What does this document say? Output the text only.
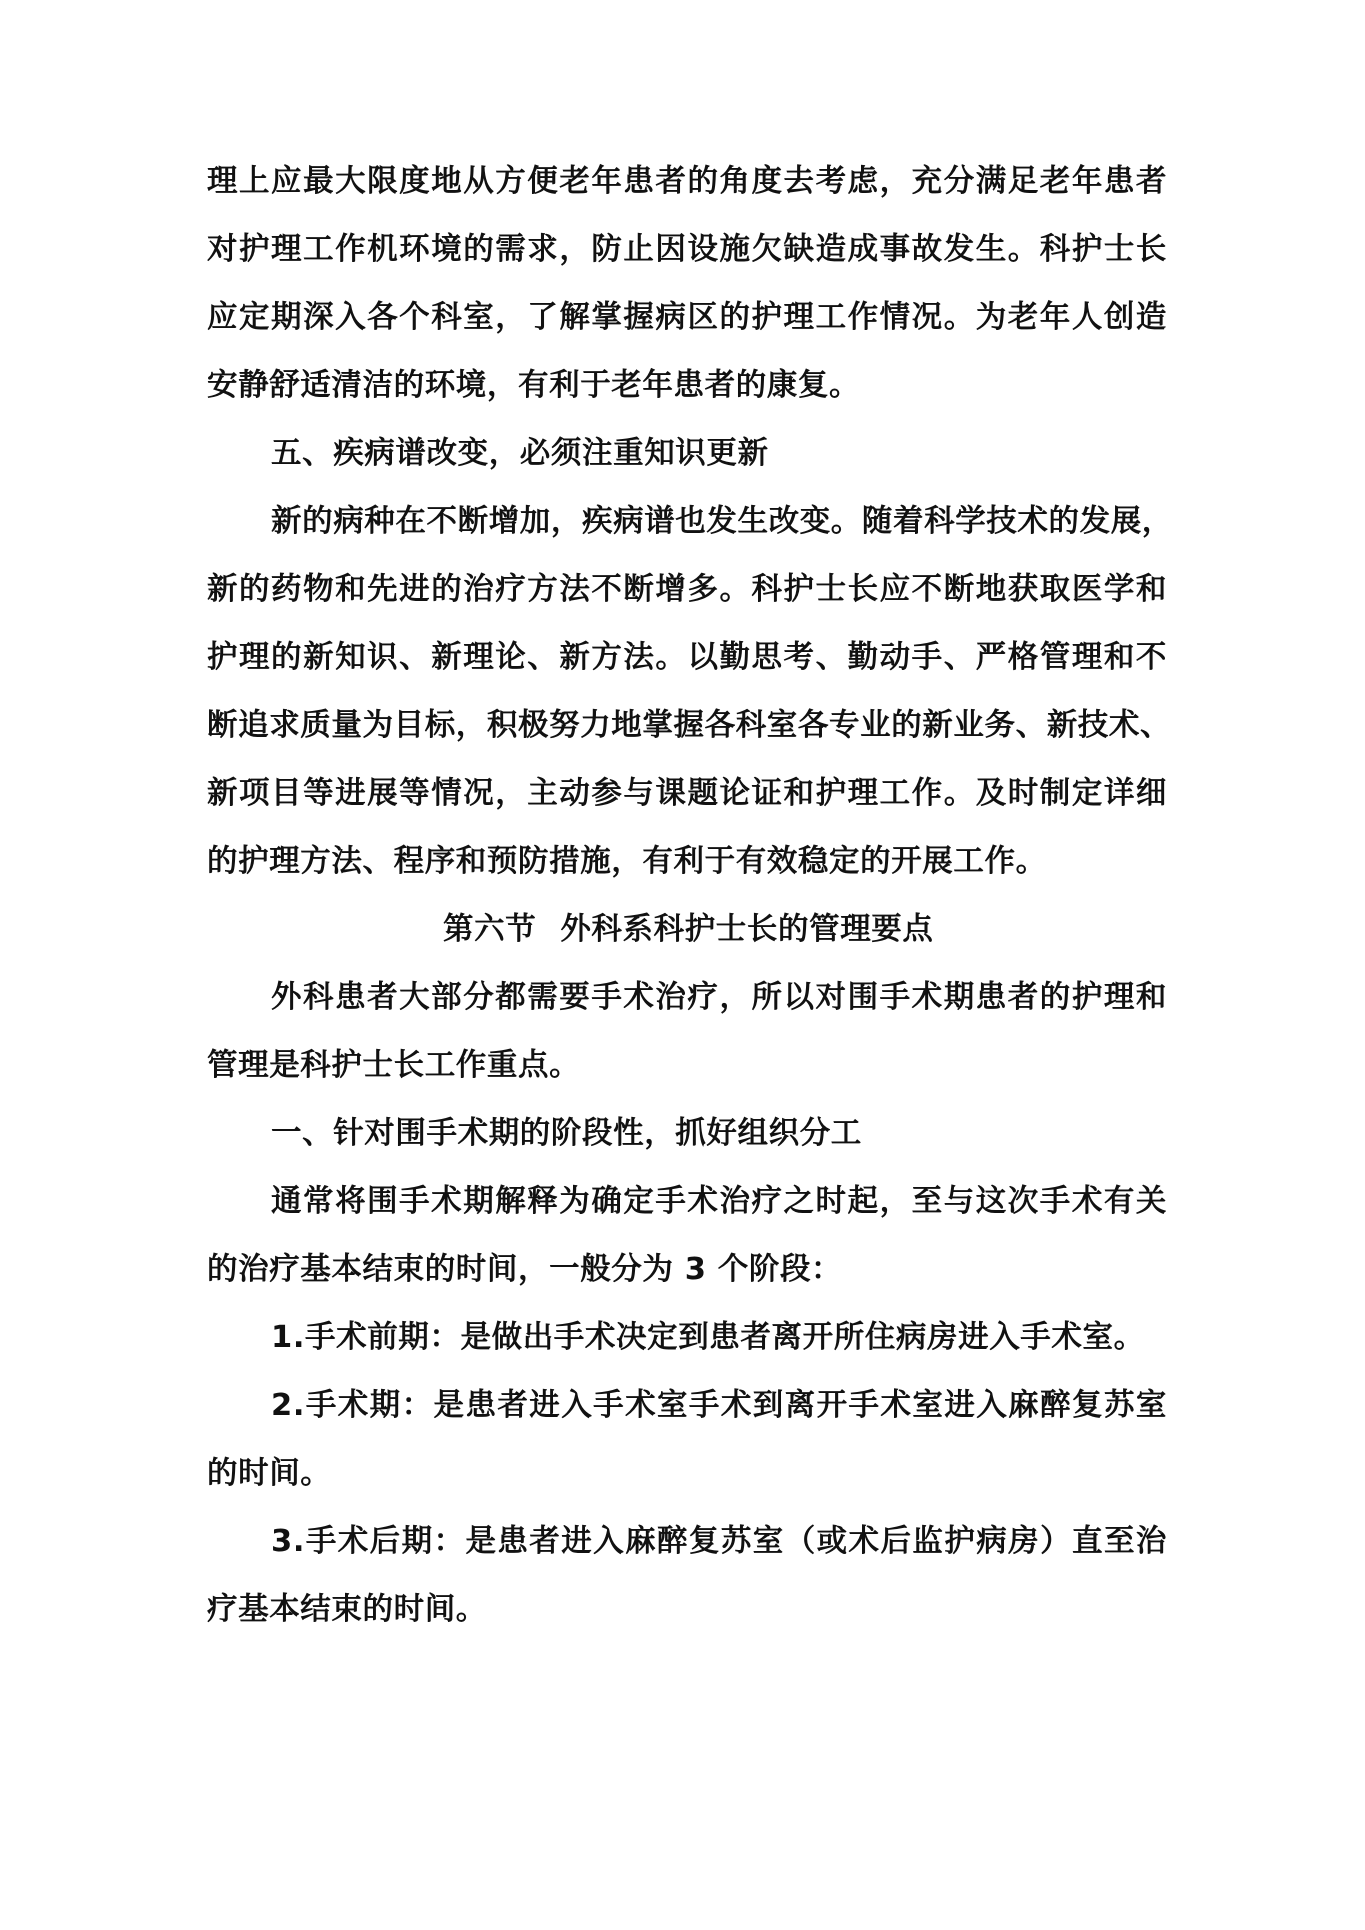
理上应最大限度地从方便老年患者的角度去考虑，充分满足老年患者
对护理工作机环境的需求，防止因设施欠缺造成事故发生。科护士长
应定期深入各个科室，了解掌握病区的护理工作情况。为老年人创造
安静舒适清洁的环境，有利于老年患者的康复。
五、疾病谱改变，必须注重知识更新
新的病种在不断增加，疾病谱也发生改变。随着科学技术的发展，
新的药物和先进的治疗方法不断增多。科护士长应不断地获取医学和
护理的新知识、新理论、新方法。以勤思考、勤动手、严格管理和不
断追求质量为目标，积极努力地掌握各科室各专业的新业务、新技术、
新项目等进展等情况，主动参与课题论证和护理工作。及时制定详细
的护理方法、程序和预防措施，有利于有效稳定的开展工作。
第六节 外科系科护士长的管理要点
外科患者大部分都需要手术治疗，所以对围手术期患者的护理和
管理是科护士长工作重点。
一、针对围手术期的阶段性，抓好组织分工
通常将围手术期解释为确定手术治疗之时起，至与这次手术有关
的治疗基本结束的时间，一般分为 3 个阶段：
1.手术前期：是做出手术决定到患者离开所住病房进入手术室。
2.手术期：是患者进入手术室手术到离开手术室进入麻醉复苏室
的时间。
3.手术后期：是患者进入麻醉复苏室（或术后监护病房）直至治
疗基本结束的时间。
